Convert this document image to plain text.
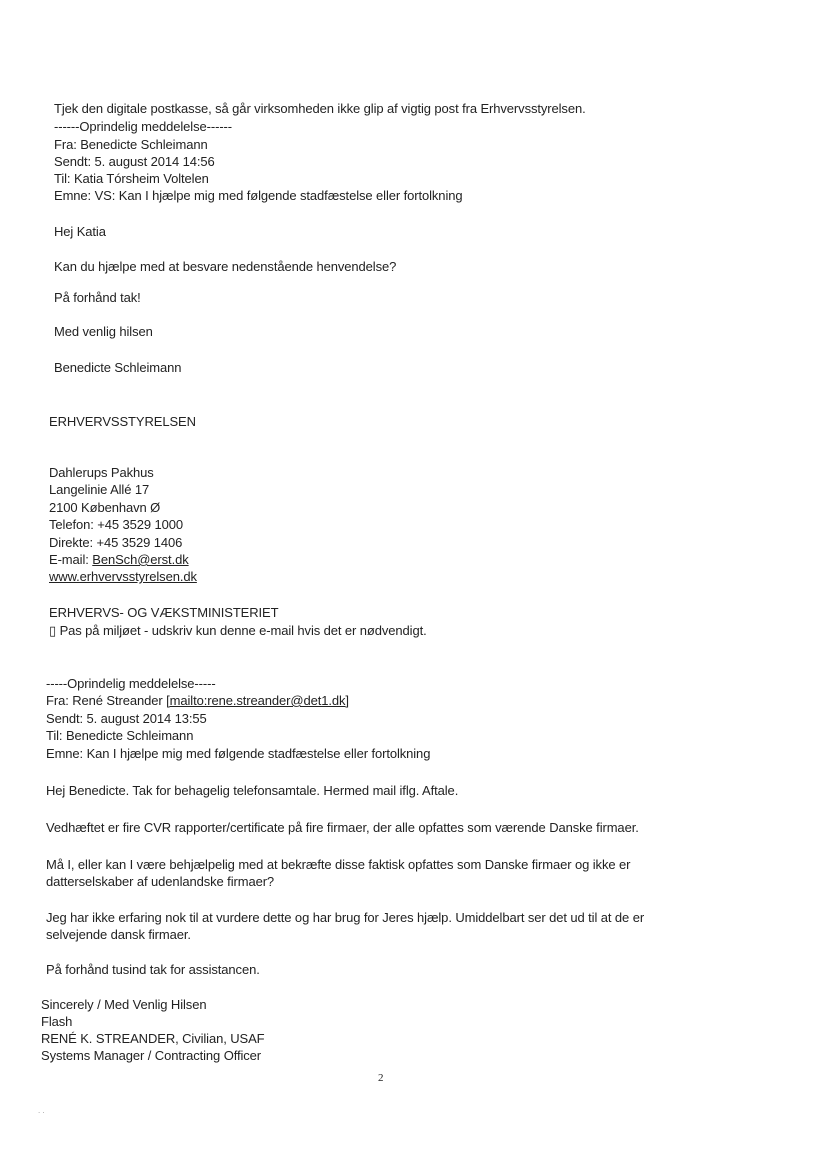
Tjek den digitale postkasse, så går virksomheden ikke glip af vigtig post fra Erhvervsstyrelsen.
------Oprindelig meddelelse------
Fra: Benedicte Schleimann
Sendt: 5. august 2014 14:56
Til: Katia Tórsheim Voltelen
Emne: VS: Kan I hjælpe mig med følgende stadfæstelse eller fortolkning
Hej Katia
Kan du hjælpe med at besvare nedenstående henvendelse?
På forhånd tak!
Med venlig hilsen
Benedicte Schleimann
ERHVERVSSTYRELSEN
Dahlerups Pakhus
Langelinie Allé 17
2100 København Ø
Telefon: +45 3529 1000
Direkte: +45 3529 1406
E-mail: BenSch@erst.dk
www.erhvervsstyrelsen.dk
ERHVERVS- OG VÆKSTMINISTERIET
▯ Pas på miljøet - udskriv kun denne e-mail hvis det er nødvendigt.
-----Oprindelig meddelelse-----
Fra: René Streander [mailto:rene.streander@det1.dk]
Sendt: 5. august 2014 13:55
Til: Benedicte Schleimann
Emne: Kan I hjælpe mig med følgende stadfæstelse eller fortolkning
Hej Benedicte. Tak for behagelig telefonsamtale. Hermed mail iflg. Aftale.
Vedhæftet er fire CVR rapporter/certificate på fire firmaer, der alle opfattes som værende Danske firmaer.
Må I, eller kan I være behjælpelig med at bekræfte disse faktisk opfattes som Danske firmaer og ikke er
datterselskaber af udenlandske firmaer?
Jeg har ikke erfaring nok til at vurdere dette og har brug for Jeres hjælp. Umiddelbart ser det ud til at de er
selvejende dansk firmaer.
På forhånd tusind tak for assistancen.
Sincerely / Med Venlig Hilsen
Flash
RENÉ K. STREANDER, Civilian, USAF
Systems Manager / Contracting Officer
2
. .
